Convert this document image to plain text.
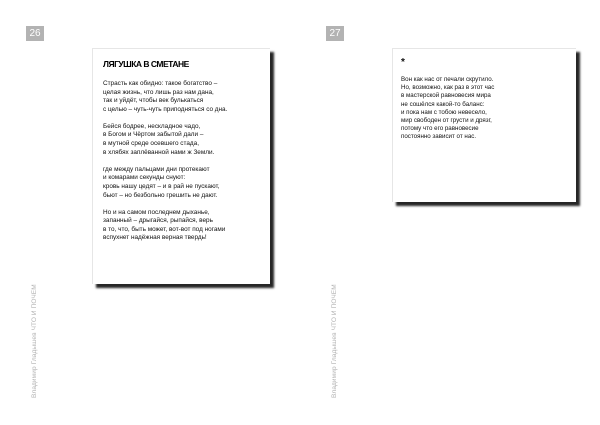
26
Владимир Гладышев ЧТО И ПОЧЕМ
ЛЯГУШКА В СМЕТАНЕ
Страсть как обидно: такое богатство –
целая жизнь, что лишь раз нам дана,
так и уйдёт, чтобы век булькаться
с целью – чуть-чуть приподняться со дна.
Бейся бодрее, нескладное чадо,
в Богом и Чёртом забытой дали –
в мутной среде осевшего стада,
в хлябях заплёванной нами ж Земли.
где между пальцами дни протекают
и комарами секунды снуют:
кровь нашу цедят – и в рай не пускают,
бьют – но безбольно грешить не дают.
Но и на самом последнем дыханье,
запанный – дрыгайся, рыпайся, верь
в то, что, быть может, вот-вот под ногами
вспухнет надёжная верная твердь!
27
Владимир Гладышев ЧТО И ПОЧЕМ
*
Вон как нас от печали скрутило.
Но, возможно, как раз в этот час
в мастерской равновесия мира
не сошёлся какой-то баланс:
и пока нам с тобою невесело,
мир свободен от грусти и дрязг,
потому что его равновесие
постоянно зависит от нас.
